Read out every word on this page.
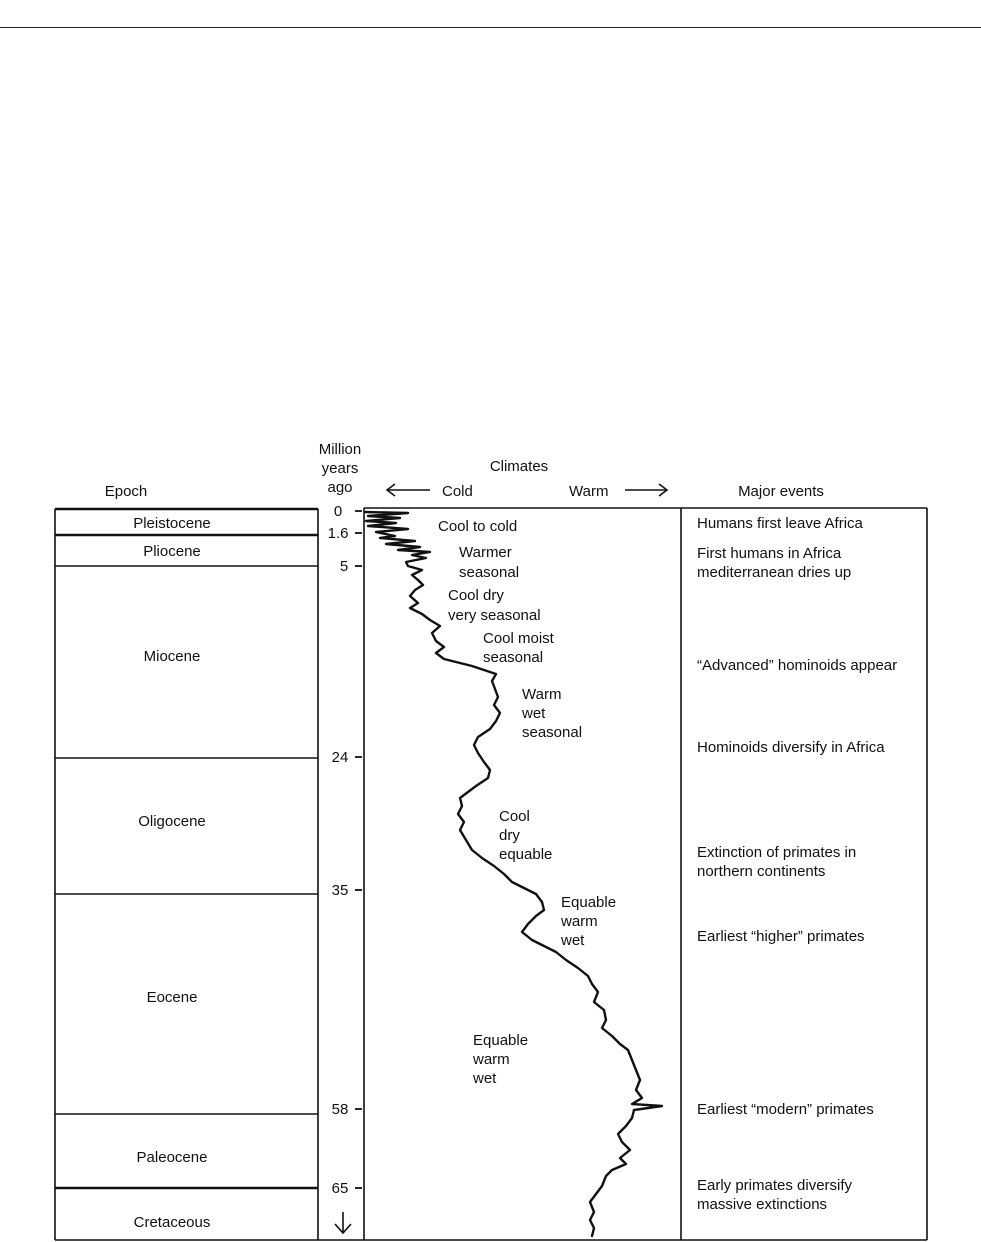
Epoch
Million
years
ago
Climates
Cold	Warm	Major events
Pleistocene
Pliocene
Miocene
Oligocene
Eocene
Paleocene
Cretaceous
0
1.6
5
24
35
58
65
Cool to cold
Warmer
seasonal
Cool dry
very seasonal
Cool moist
seasonal
Warm
wet
seasonal
Cool
dry
equable
Equable
warm
wet
Equable
warm
wet
Humans first leave Africa
First humans in Africa
mediterranean dries up
“Advanced” hominoids appear
Hominoids diversify in Africa
Extinction of primates in
northern continents
Earliest “higher” primates
Earliest “modern” primates
Early primates diversify
massive extinctions
